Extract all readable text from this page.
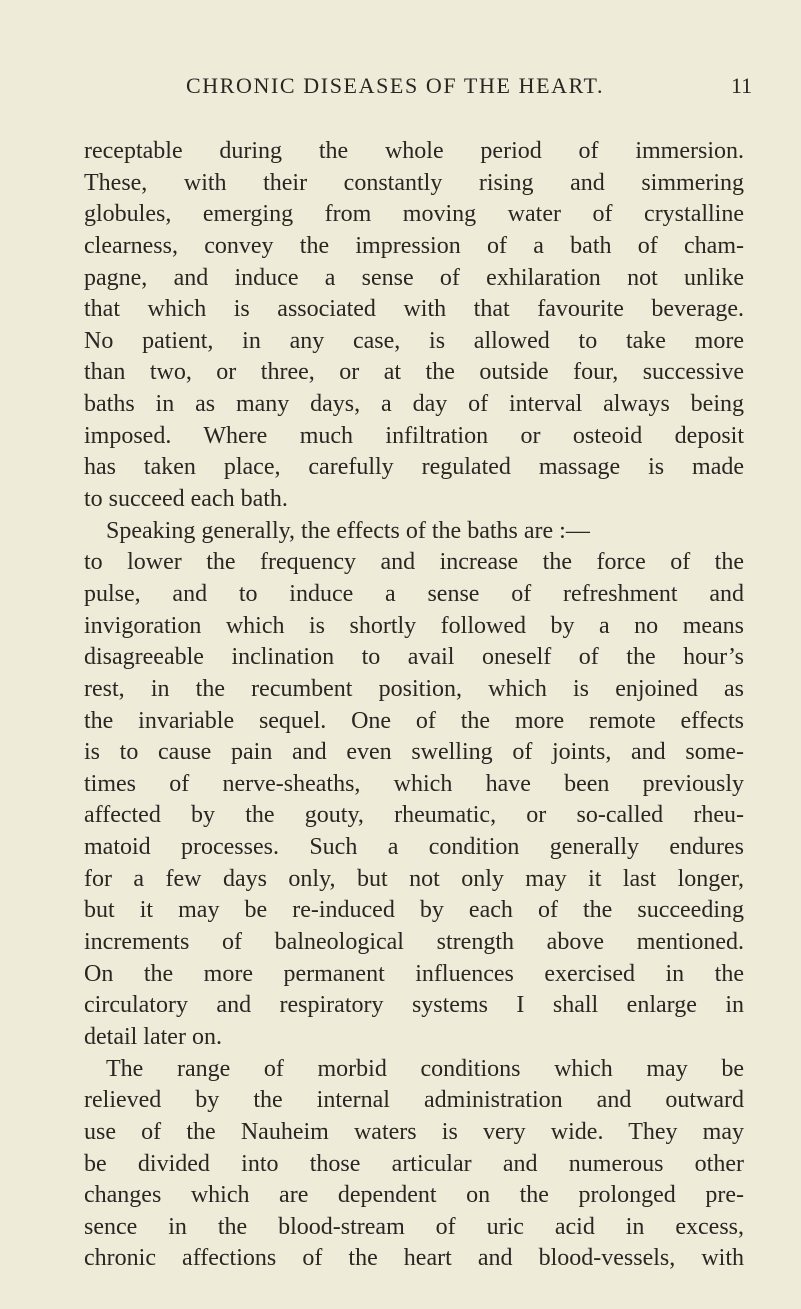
CHRONIC DISEASES OF THE HEART.	11
receptable during the whole period of immersion.
These, with their constantly rising and simmering
globules, emerging from moving water of crystalline
clearness, convey the impression of a bath of cham-
pagne, and induce a sense of exhilaration not unlike
that which is associated with that favourite beverage.
No patient, in any case, is allowed to take more
than two, or three, or at the outside four, successive
baths in as many days, a day of interval always being
imposed. Where much infiltration or osteoid deposit
has taken place, carefully regulated massage is made
to succeed each bath.
Speaking generally, the effects of the baths are :—
to lower the frequency and increase the force of the
pulse, and to induce a sense of refreshment and
invigoration which is shortly followed by a no means
disagreeable inclination to avail oneself of the hour’s
rest, in the recumbent position, which is enjoined as
the invariable sequel. One of the more remote effects
is to cause pain and even swelling of joints, and some-
times of nerve-sheaths, which have been previously
affected by the gouty, rheumatic, or so-called rheu-
matoid processes. Such a condition generally endures
for a few days only, but not only may it last longer,
but it may be re-induced by each of the succeeding
increments of balneological strength above mentioned.
On the more permanent influences exercised in the
circulatory and respiratory systems I shall enlarge in
detail later on.
The range of morbid conditions which may be
relieved by the internal administration and outward
use of the Nauheim waters is very wide. They may
be divided into those articular and numerous other
changes which are dependent on the prolonged pre-
sence in the blood-stream of uric acid in excess,
chronic affections of the heart and blood-vessels, with
